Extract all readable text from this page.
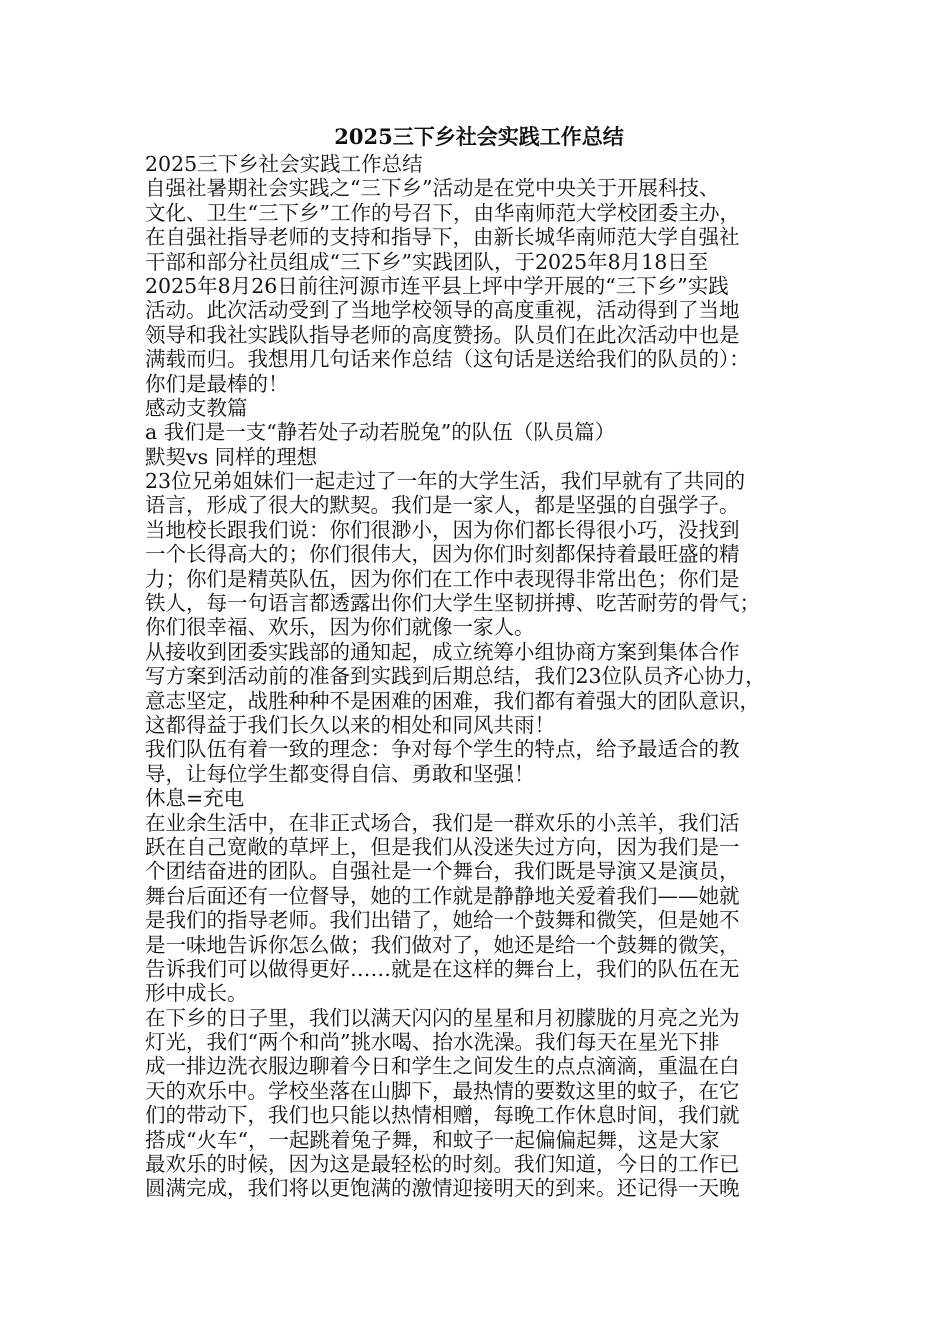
2025三下乡社会实践工作总结

2025三下乡社会实践工作总结

自强社暑期社会实践之“三下乡”活动是在党中央关于开展科技、

文化、卫生“三下乡”工作的号召下，由华南师范大学校团委主办，

在自强社指导老师的支持和指导下，由新长城华南师范大学自强社

干部和部分社员组成“三下乡”实践团队，于2025年8月18日至

2025年8月26日前往河源市连平县上坪中学开展的“三下乡”实践

活动。此次活动受到了当地学校领导的高度重视，活动得到了当地

领导和我社实践队指导老师的高度赞扬。队员们在此次活动中也是

满载而归。我想用几句话来作总结（这句话是送给我们的队员的）：

你们是最棒的！

感动支教篇

a 我们是一支“静若处子动若脱兔”的队伍（队员篇）

默契vs 同样的理想

23位兄弟姐妹们一起走过了一年的大学生活，我们早就有了共同的

语言，形成了很大的默契。我们是一家人，都是坚强的自强学子。

当地校长跟我们说：你们很渺小，因为你们都长得很小巧，没找到

一个长得高大的；你们很伟大，因为你们时刻都保持着最旺盛的精

力；你们是精英队伍，因为你们在工作中表现得非常出色；你们是

铁人，每一句语言都透露出你们大学生坚韧拼搏、吃苦耐劳的骨气；

你们很幸福、欢乐，因为你们就像一家人。

从接收到团委实践部的通知起，成立统筹小组协商方案到集体合作

写方案到活动前的准备到实践到后期总结，我们23位队员齐心协力，

意志坚定，战胜种种不是困难的困难，我们都有着强大的团队意识，

这都得益于我们长久以来的相处和同风共雨！

我们队伍有着一致的理念：争对每个学生的特点，给予最适合的教

导，让每位学生都变得自信、勇敢和坚强！

休息=充电

在业余生活中，在非正式场合，我们是一群欢乐的小羔羊，我们活

跃在自己宽敞的草坪上，但是我们从没迷失过方向，因为我们是一

个团结奋进的团队。自强社是一个舞台，我们既是导演又是演员，

舞台后面还有一位督导，她的工作就是静静地关爱着我们——她就

是我们的指导老师。我们出错了，她给一个鼓舞和微笑，但是她不

是一味地告诉你怎么做；我们做对了，她还是给一个鼓舞的微笑，

告诉我们可以做得更好……就是在这样的舞台上，我们的队伍在无

形中成长。

在下乡的日子里，我们以满天闪闪的星星和月初朦胧的月亮之光为

灯光，我们“两个和尚”挑水喝、抬水洗澡。我们每天在星光下排

成一排边洗衣服边聊着今日和学生之间发生的点点滴滴，重温在白

天的欢乐中。学校坐落在山脚下，最热情的要数这里的蚊子，在它

们的带动下，我们也只能以热情相赠，每晚工作休息时间，我们就

搭成“火车“，一起跳着兔子舞，和蚊子一起偏偏起舞，这是大家

最欢乐的时候，因为这是最轻松的时刻。我们知道，今日的工作已

圆满完成，我们将以更饱满的激情迎接明天的到来。还记得一天晚
